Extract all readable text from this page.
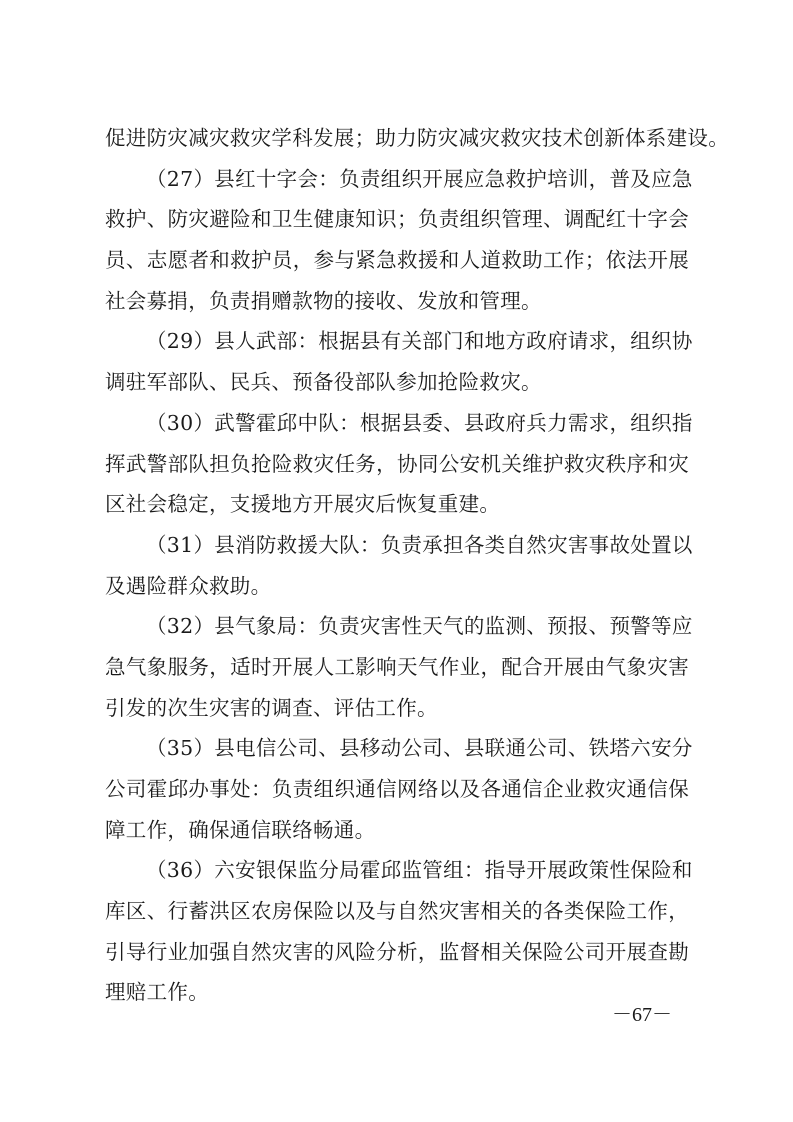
促进防灾减灾救灾学科发展；助力防灾减灾救灾技术创新体系建设。
（27）县红十字会：负责组织开展应急救护培训，普及应急
救护、防灾避险和卫生健康知识；负责组织管理、调配红十字会
员、志愿者和救护员，参与紧急救援和人道救助工作；依法开展
社会募捐，负责捐赠款物的接收、发放和管理。
（29）县人武部：根据县有关部门和地方政府请求，组织协
调驻军部队、民兵、预备役部队参加抢险救灾。
（30）武警霍邱中队：根据县委、县政府兵力需求，组织指
挥武警部队担负抢险救灾任务，协同公安机关维护救灾秩序和灾
区社会稳定，支援地方开展灾后恢复重建。
（31）县消防救援大队：负责承担各类自然灾害事故处置以
及遇险群众救助。
（32）县气象局：负责灾害性天气的监测、预报、预警等应
急气象服务，适时开展人工影响天气作业，配合开展由气象灾害
引发的次生灾害的调查、评估工作。
（35）县电信公司、县移动公司、县联通公司、铁塔六安分
公司霍邱办事处：负责组织通信网络以及各通信企业救灾通信保
障工作，确保通信联络畅通。
（36）六安银保监分局霍邱监管组：指导开展政策性保险和
库区、行蓄洪区农房保险以及与自然灾害相关的各类保险工作，
引导行业加强自然灾害的风险分析，监督相关保险公司开展查勘
理赔工作。
－67－
